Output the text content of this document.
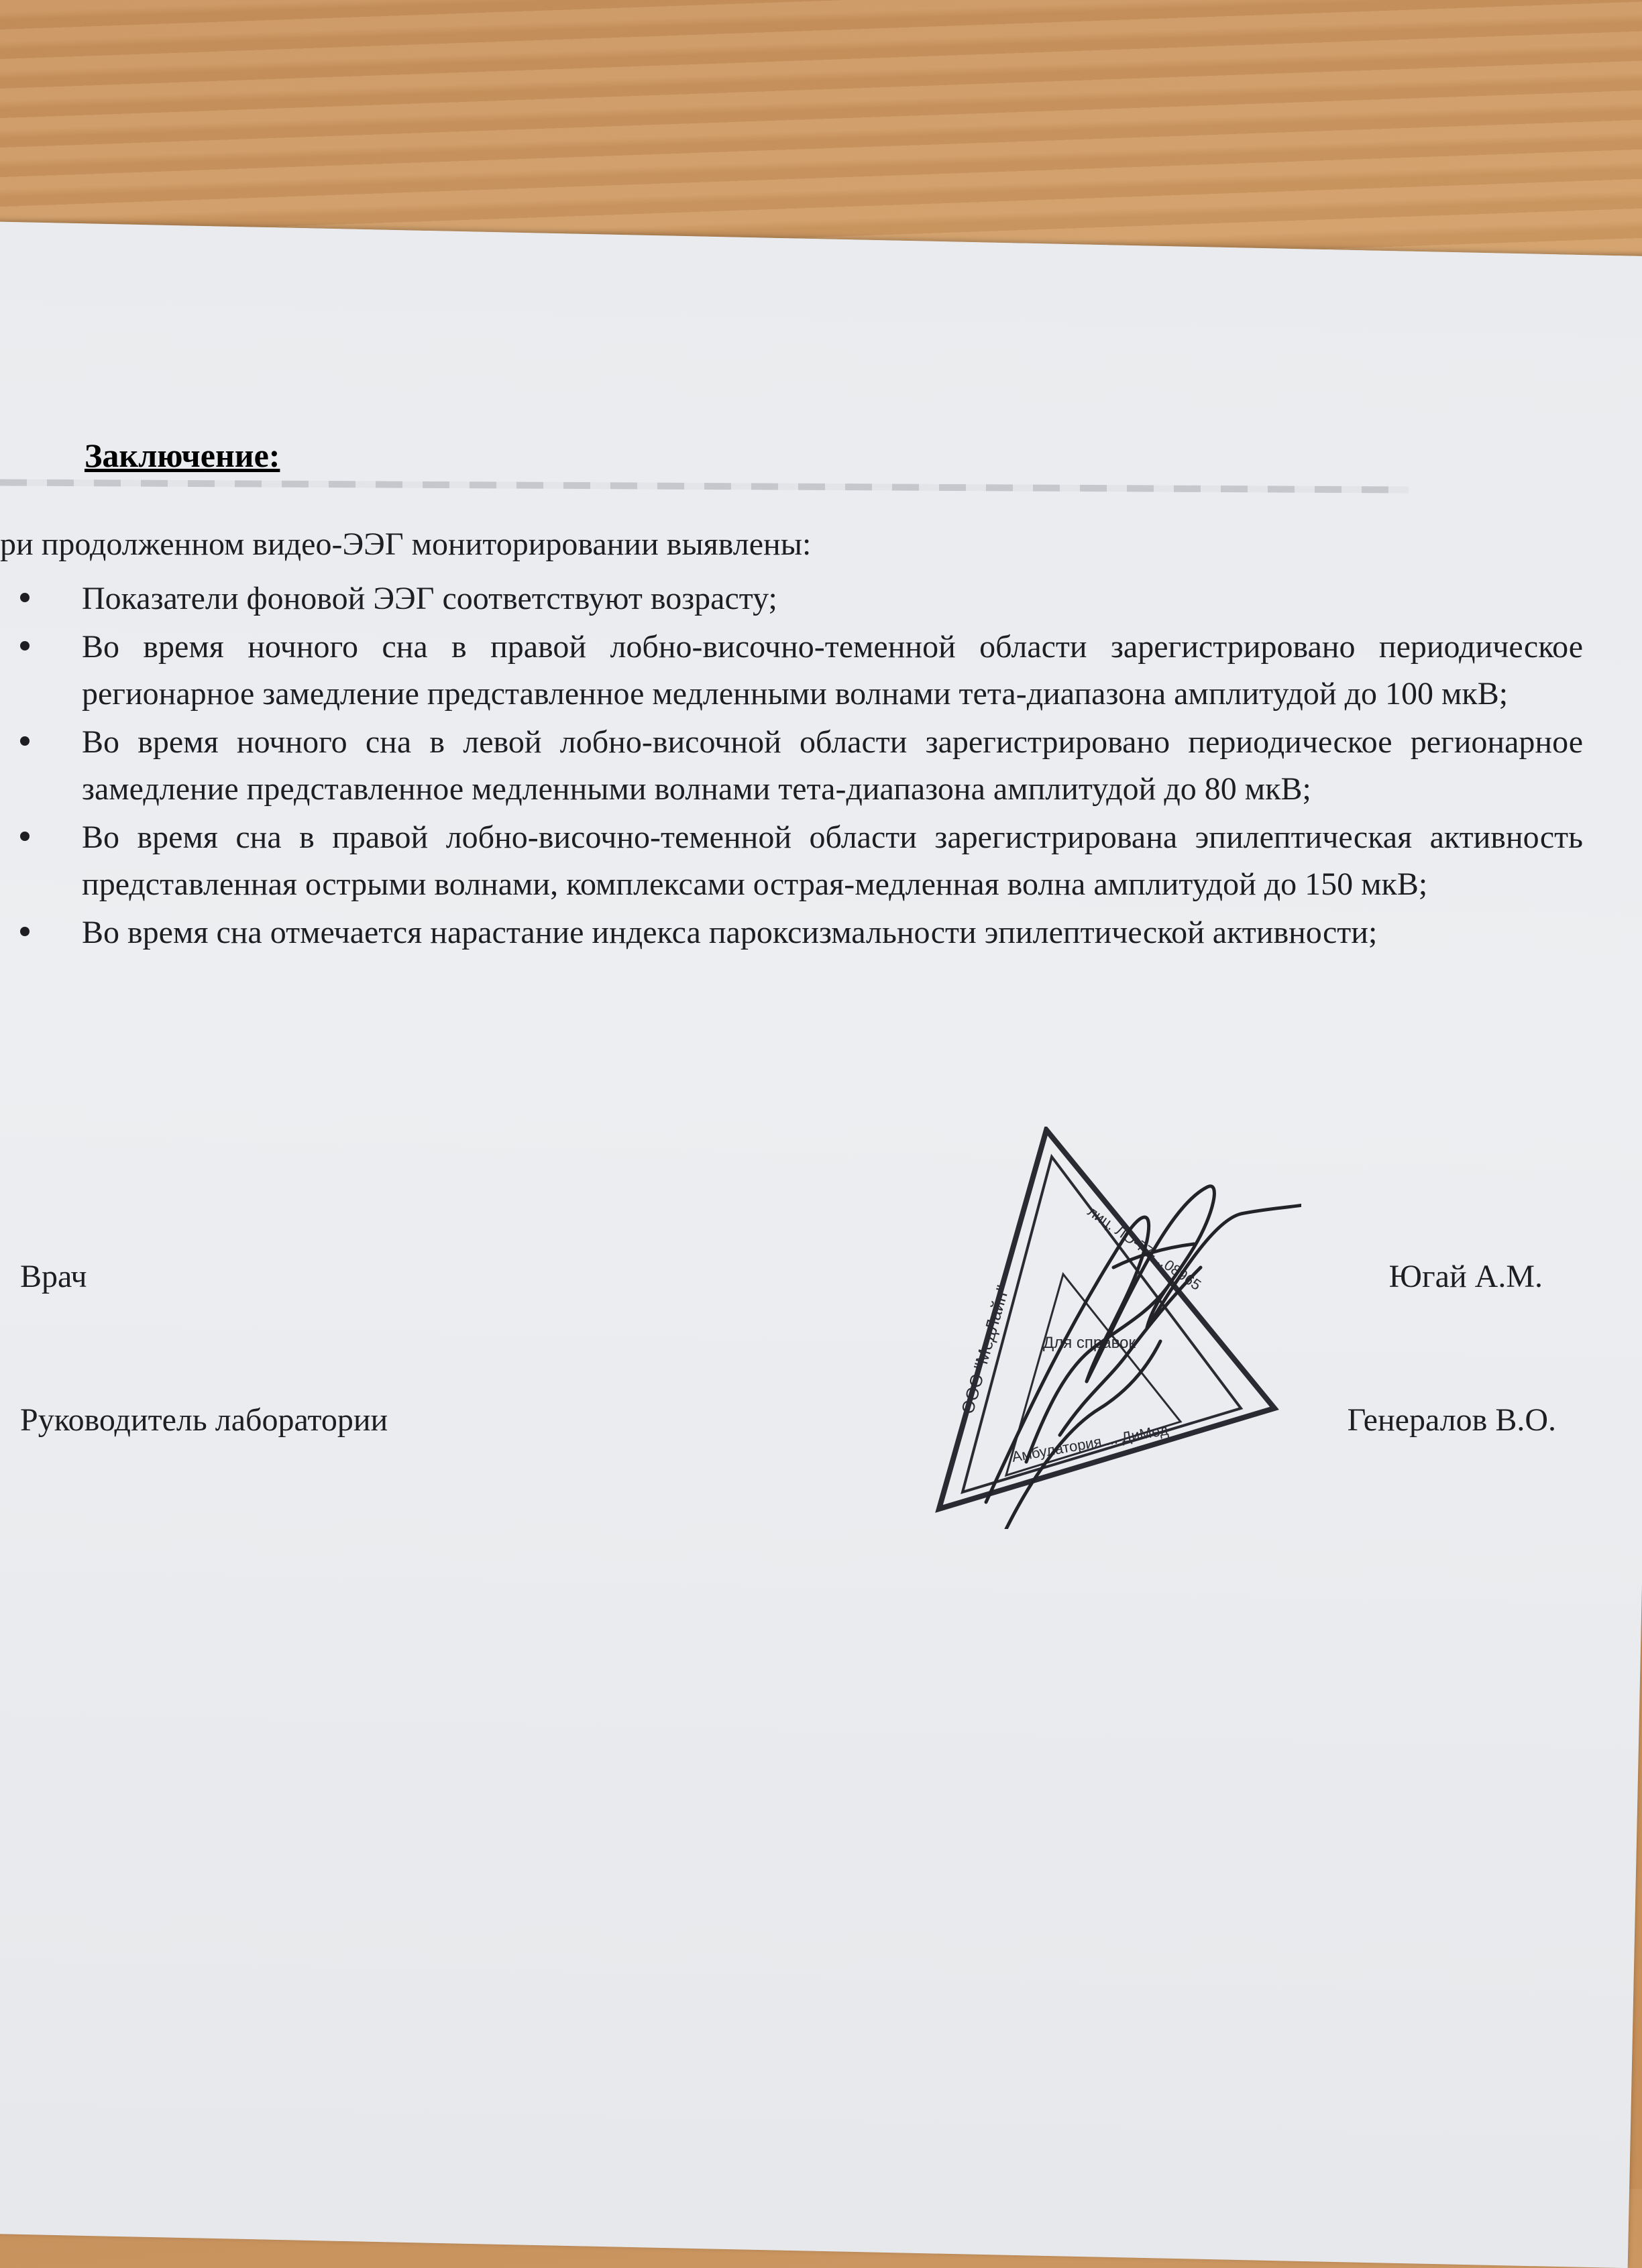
Заключение:
ри продолженном видео-ЭЭГ мониторировании выявлены:
Показатели фоновой ЭЭГ соответствуют возрасту;
Во время ночного сна в правой лобно-височно-теменной области зарегистрировано периодическое регионарное замедление представленное медленными волнами тета-диапазона амплитудой до 100 мкВ;
Во время ночного сна в левой лобно-височной области зарегистрировано периодическое регионарное замедление представленное медленными волнами тета-диапазона амплитудой до 80 мкВ;
Во время сна в правой лобно-височно-теменной области зарегистрирована эпилептическая активность представленная острыми волнами, комплексами острая-медленная волна амплитудой до 150 мкВ;
Во время сна отмечается нарастание индекса пароксизмальности эпилептической активности;
Врач	Югай А.М.
Руководитель лаборатории	Генералов В.О.
ООО "МедЛайн"
лиц. ЛО-77-...08965
Для справок
Амбулатория ... ДиМед
